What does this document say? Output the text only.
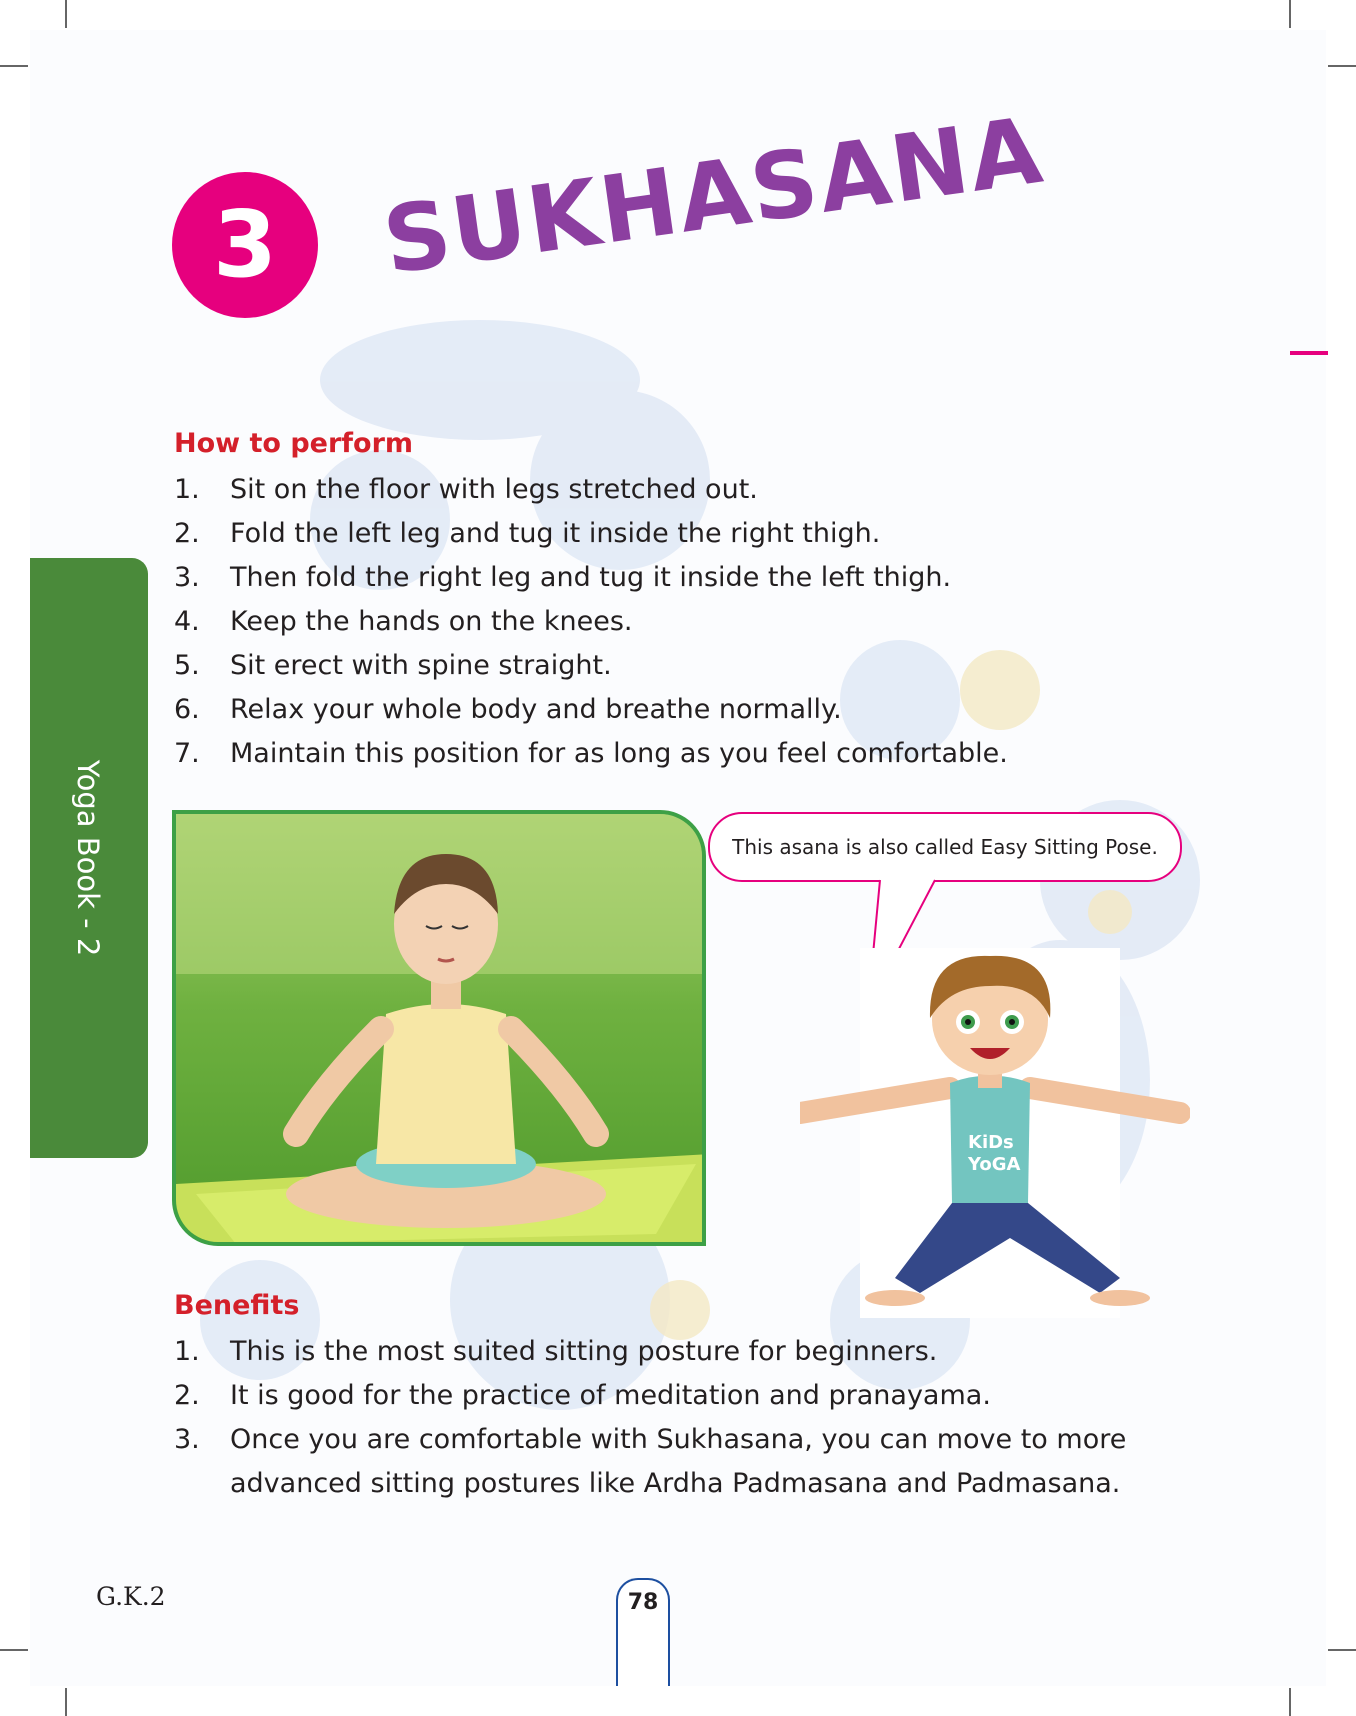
3	SUKHASANA
How to perform
1.	Sit on the floor with legs stretched out.
2.	Fold the left leg and tug it inside the right thigh.
3.	Then fold the right leg and tug it inside the left thigh.
4.	Keep the hands on the knees.
5.	Sit erect with spine straight.
6.	Relax your whole body and breathe normally.
7.	Maintain this position for as long as you feel comfortable.
Yoga Book - 2	This asana is also called Easy Sitting Pose.
KiDs
YoGA
Benefits
1.	This is the most suited sitting posture for beginners.
2.	It is good for the practice of meditation and pranayama.
3.	Once you are comfortable with Sukhasana, you can move to more advanced sitting postures like Ardha Padmasana and Padmasana.
G.K.2	78
